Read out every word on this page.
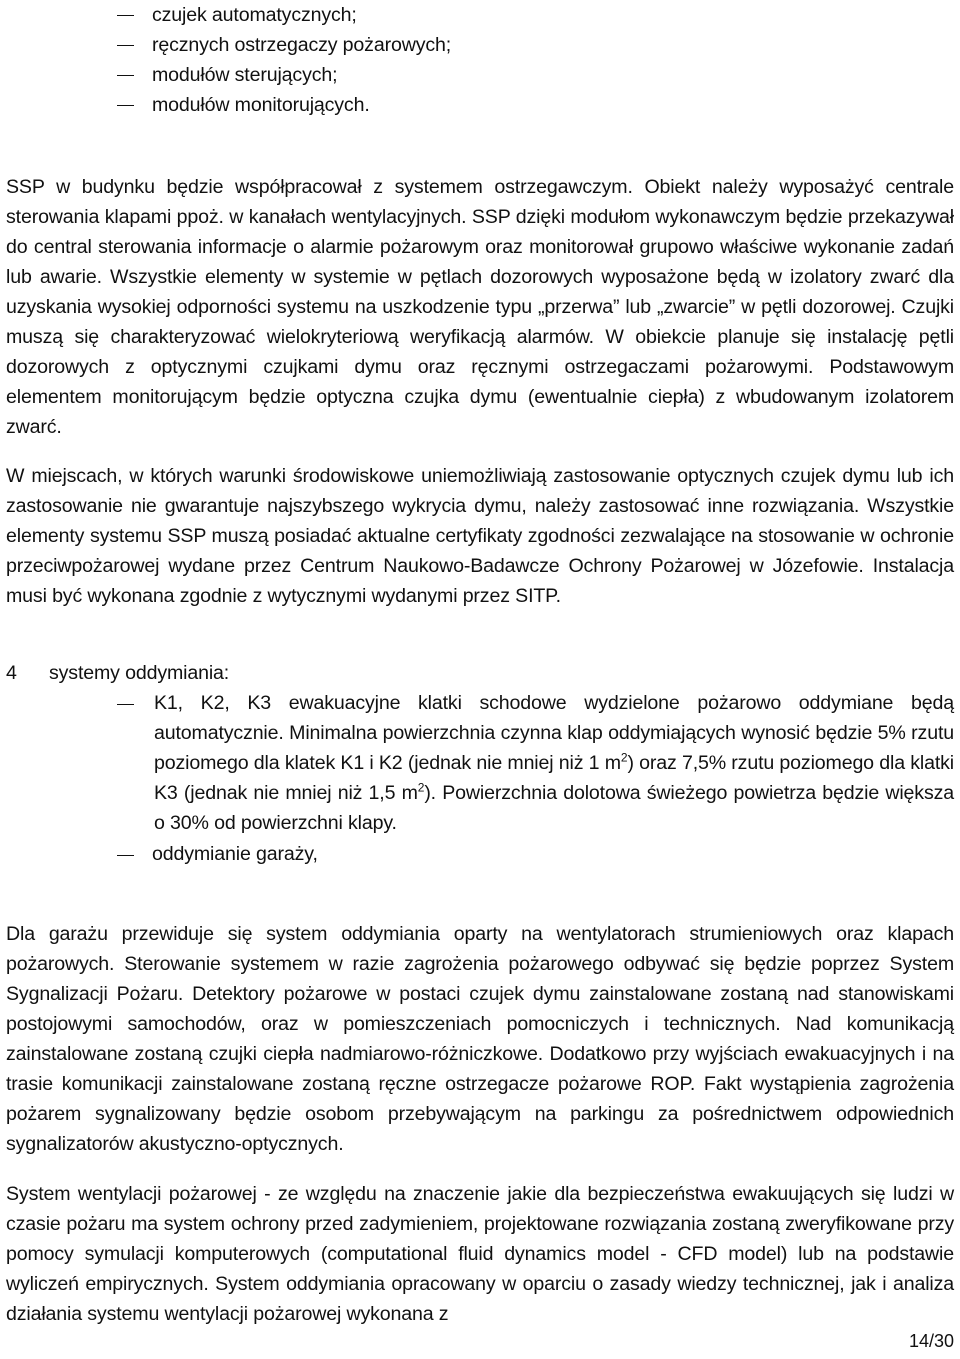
czujek automatycznych;
ręcznych ostrzegaczy pożarowych;
modułów sterujących;
modułów monitorujących.
SSP w budynku będzie współpracował z systemem ostrzegawczym. Obiekt należy wyposażyć centrale sterowania klapami ppoż. w kanałach wentylacyjnych. SSP dzięki modułom wykonawczym będzie przekazywał do central sterowania informacje o alarmie pożarowym oraz monitorował grupowo właściwe wykonanie zadań lub awarie. Wszystkie elementy w systemie w pętlach dozorowych wyposażone będą w izolatory zwarć dla uzyskania wysokiej odporności systemu na uszkodzenie typu „przerwa” lub „zwarcie” w pętli dozorowej. Czujki muszą się charakteryzować wielokryteriową weryfikacją alarmów. W obiekcie planuje się instalację pętli dozorowych z optycznymi czujkami dymu oraz ręcznymi ostrzegaczami pożarowymi. Podstawowym elementem monitorującym będzie optyczna czujka dymu (ewentualnie ciepła) z wbudowanym izolatorem zwarć.
W miejscach, w których warunki środowiskowe uniemożliwiają zastosowanie optycznych czujek dymu lub ich zastosowanie nie gwarantuje najszybszego wykrycia dymu, należy zastosować inne rozwiązania. Wszystkie elementy systemu SSP muszą posiadać aktualne certyfikaty zgodności zezwalające na stosowanie w ochronie przeciwpożarowej wydane przez Centrum Naukowo-Badawcze Ochrony Pożarowej w Józefowie. Instalacja musi być wykonana zgodnie z wytycznymi wydanymi przez SITP.
4 systemy oddymiania:
K1, K2, K3 ewakuacyjne klatki schodowe wydzielone pożarowo oddymiane będą automatycznie. Minimalna powierzchnia czynna klap oddymiających wynosić będzie 5% rzutu poziomego dla klatek K1 i K2 (jednak nie mniej niż 1 $m^2$) oraz 7,5% rzutu poziomego dla klatki K3 (jednak nie mniej niż 1,5 $m^2$). Powierzchnia dolotowa świeżego powietrza będzie większa o 30% od powierzchni klapy.
oddymianie garaży,
Dla garażu przewiduje się system oddymiania oparty na wentylatorach strumieniowych oraz klapach pożarowych. Sterowanie systemem w razie zagrożenia pożarowego odbywać się będzie poprzez System Sygnalizacji Pożaru. Detektory pożarowe w postaci czujek dymu zainstalowane zostaną nad stanowiskami postojowymi samochodów, oraz w pomieszczeniach pomocniczych i technicznych. Nad komunikacją zainstalowane zostaną czujki ciepła nadmiarowo-różniczkowe. Dodatkowo przy wyjściach ewakuacyjnych i na trasie komunikacji zainstalowane zostaną ręczne ostrzegacze pożarowe ROP. Fakt wystąpienia zagrożenia pożarem sygnalizowany będzie osobom przebywającym na parkingu za pośrednictwem odpowiednich sygnalizatorów akustyczno-optycznych.
System wentylacji pożarowej - ze względu na znaczenie jakie dla bezpieczeństwa ewakuujących się ludzi w czasie pożaru ma system ochrony przed zadymieniem, projektowane rozwiązania zostaną zweryfikowane przy pomocy symulacji komputerowych (computational fluid dynamics model - CFD model) lub na podstawie wyliczeń empirycznych. System oddymiania opracowany w oparciu o zasady wiedzy technicznej, jak i analiza działania systemu wentylacji pożarowej wykonana z
14/30
